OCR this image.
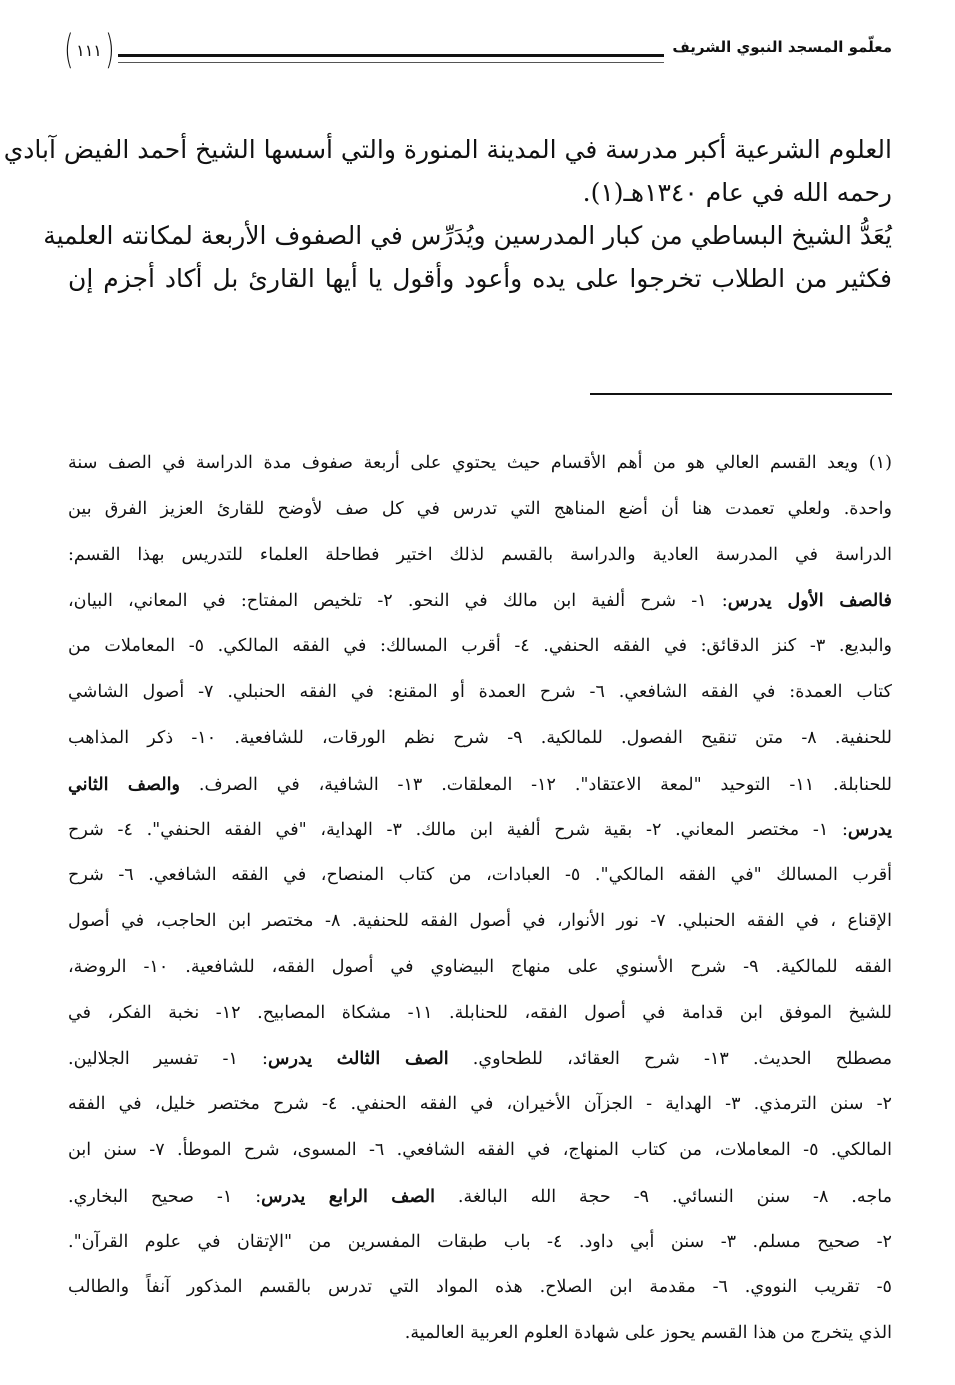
معلّمو المسجد النبوي الشريف
(
١١١
)
العلوم الشرعية أكبر مدرسة في المدينة المنورة والتي أسسها الشيخ أحمد الفيض آبادي
رحمه الله في عام ١٣٤٠هـ(١).
يُعَدُّ الشيخ البساطي من كبار المدرسين ويُدَرِّس في الصفوف الأربعة لمكانته العلمية
فكثير من الطلاب تخرجوا على يده وأعود وأقول يا أيها القارئ بل أكاد أجزم إن
(١) ويعد القسم العالي هو من أهم الأقسام حيث يحتوي على أربعة صفوف مدة الدراسة في الصف سنة
واحدة. ولعلي تعمدت هنا أن أضع المناهج التي تدرس في كل صف لأوضح للقارئ العزيز الفرق بين
الدراسة في المدرسة العادية والدراسة بالقسم لذلك اختير فطاحلة العلماء للتدريس بهذا القسم:
فالصف الأول يدرس: ١- شرح ألفية ابن مالك في النحو. ٢- تلخيص المفتاح: في المعاني، البيان،
والبديع. ٣- كنز الدقائق: في الفقه الحنفي. ٤- أقرب المسالك: في الفقه المالكي. ٥- المعاملات من
كتاب العمدة: في الفقه الشافعي. ٦- شرح العمدة أو المقنع: في الفقه الحنبلي. ٧- أصول الشاشي
للحنفية. ٨- متن تنقيح الفصول. للمالكية. ٩- شرح نظم الورقات، للشافعية. ١٠- ذكر المذاهب
للحنابلة. ١١- التوحيد "لمعة الاعتقاد". ١٢- المعلقات. ١٣- الشافية، في الصرف. والصف الثاني
يدرس: ١- مختصر المعاني. ٢- بقية شرح ألفية ابن مالك. ٣- الهداية، "في الفقه الحنفي". ٤- شرح
أقرب المسالك "في الفقه المالكي". ٥- العبادات، من كتاب المنصاح، في الفقه الشافعي. ٦- شرح
الإقناع ، في الفقه الحنبلي. ٧- نور الأنوار، في أصول الفقه للحنفية. ٨- مختصر ابن الحاجب، في أصول
الفقه للمالكية. ٩- شرح الأسنوي على منهاج البيضاوي في أصول الفقه، للشافعية. ١٠- الروضة،
للشيخ الموفق ابن قدامة في أصول الفقه، للحنابلة. ١١- مشكاة المصابيح. ١٢- نخبة الفكر، في
مصطلح الحديث. ١٣- شرح العقائد، للطحاوي. الصف الثالث يدرس: ١- تفسير الجلالين.
٢- سنن الترمذي. ٣- الهداية - الجزآن الأخيران، في الفقه الحنفي. ٤- شرح مختصر خليل، في الفقه
المالكي. ٥- المعاملات، من كتاب المنهاج، في الفقه الشافعي. ٦- المسوى، شرح الموطأ. ٧- سنن ابن
ماجه. ٨- سنن النسائي. ٩- حجة الله البالغة. الصف الرابع يدرس: ١- صحيح البخاري.
٢- صحيح مسلم. ٣- سنن أبي داود. ٤- باب طبقات المفسرين من "الإتقان في علوم القرآن".
٥- تقريب النووي. ٦- مقدمة ابن الصلاح. هذه المواد التي تدرس بالقسم المذكور آنفاً والطالب
الذي يتخرج من هذا القسم يحوز على شهادة العلوم العربية العالمية.
